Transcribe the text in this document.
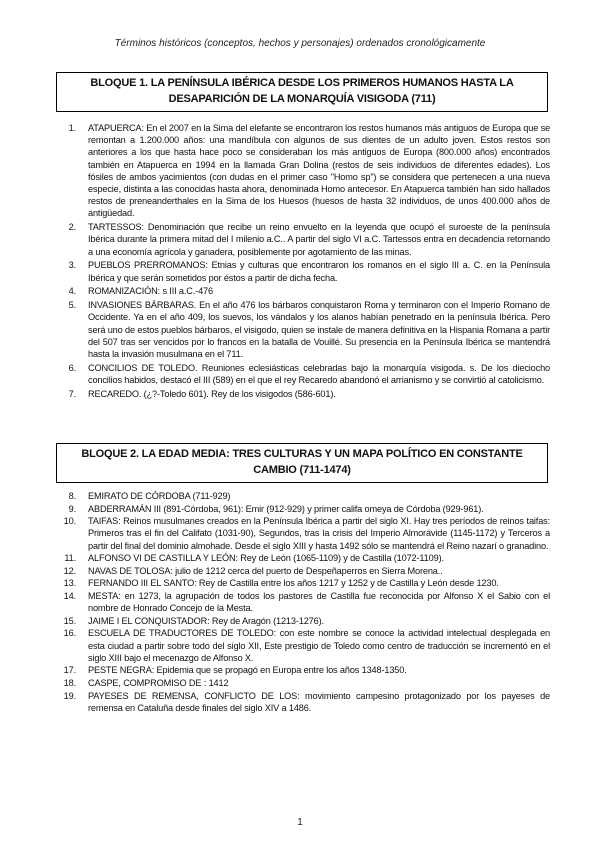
Términos históricos (conceptos, hechos y personajes) ordenados cronológicamente
BLOQUE 1. LA PENÍNSULA IBÉRICA DESDE LOS PRIMEROS HUMANOS HASTA LA DESAPARICIÓN DE LA MONARQUÍA VISIGODA (711)
1.	ATAPUERCA: En el 2007 en la Sima del elefante se encontraron los restos humanos más antiguos de Europa que se remontan a 1.200.000 años: una mandíbula con algunos de sus dientes de un adulto joven. Estos restos son anteriores a los que hasta hace poco se consideraban los más antiguos de Europa (800.000 años) encontrados también en Atapuerca en 1994 en la llamada Gran Dolina (restos de seis individuos de diferentes edades). Los fósiles de ambos yacimientos (con dudas en el primer caso "Homo sp") se considera que pertenecen a una nueva especie, distinta a las conocidas hasta ahora, denominada Homo antecesor. En Atapuerca también han sido hallados restos de preneanderthales en la Sima de los Huesos (huesos de hasta 32 individuos, de unos 400.000 años de antigüedad.
2.	TARTESSOS: Denominación que recibe un reino envuelto en la leyenda que ocupó el suroeste de la península Ibérica durante la primera mitad del I milenio a.C.. A partir del siglo VI a.C. Tartessos entra en decadencia retornando a una economía agrícola y ganadera, posiblemente por agotamiento de las minas.
3.	PUEBLOS PRERROMANOS: Etnias y culturas que encontraron los romanos en el siglo III a. C. en la Península Ibérica y que serán sometidos por éstos a partir de dicha fecha.
4.	ROMANIZACIÓN: s III a.C.-476
5.	INVASIONES BÁRBARAS. En el año 476 los bárbaros conquistaron Roma y terminaron con el Imperio Romano de Occidente. Ya en el año 409, los suevos, los vándalos y los alanos habían penetrado en la península Ibérica. Pero será uno de estos pueblos bárbaros, el visigodo, quien se instale de manera definitiva en la Hispania Romana a partir del 507 tras ser vencidos por lo francos en la batalla de Vouillé. Su presencia en la Península Ibérica se mantendrá hasta la invasión musulmana en el 711.
6.	CONCILIOS DE TOLEDO. Reuniones eclesiásticas celebradas bajo la monarquía visigoda. s. De los dieciocho concilios habidos, destacó el III (589) en el que el rey Recaredo abandonó el arrianismo y se convirtió al catolicismo.
7.	RECAREDO. (¿?-Toledo 601). Rey de los visigodos (586-601).
BLOQUE 2. LA EDAD MEDIA: TRES CULTURAS Y UN MAPA POLÍTICO EN CONSTANTE CAMBIO (711-1474)
8.	EMIRATO DE CÓRDOBA (711-929)
9.	ABDERRAMÁN III (891-Córdoba, 961): Emir (912-929) y primer califa omeya de Córdoba (929-961).
10.	TAIFAS: Reinos musulmanes creados en la Península Ibérica a partir del siglo XI. Hay tres períodos de reinos taifas: Primeros tras el fin del Califato (1031-90), Segundos, tras la crisis del Imperio Almorávide (1145-1172) y Terceros a partir del final del dominio almohade. Desde el siglo XIII y hasta 1492 sólo se mantendrá el Reino nazarí o granadino.
11.	ALFONSO VI DE CASTILLA Y LEÓN: Rey de León (1065-1109) y de Castilla (1072-1109).
12.	NAVAS DE TOLOSA: julio de 1212 cerca del puerto de Despeñaperros en Sierra Morena..
13.	FERNANDO III EL SANTO: Rey de Castilla entre los años 1217 y 1252 y de Castilla y León desde 1230.
14.	MESTA: en 1273, la agrupación de todos los pastores de Castilla fue reconocida por Alfonso X el Sabio con el nombre de Honrado Concejo de la Mesta.
15.	JAIME I EL CONQUISTADOR: Rey de Aragón (1213-1276).
16.	ESCUELA DE TRADUCTORES DE TOLEDO: con este nombre se conoce la actividad intelectual desplegada en esta ciudad a partir sobre todo del siglo XII, Este prestigio de Toledo como centro de traducción se incrementó en el siglo XIII bajo el mecenazgo de Alfonso X.
17.	PESTE NEGRA: Epidemia que se propagó en Europa entre los años 1348-1350.
18.	CASPE, COMPROMISO DE : 1412
19.	PAYESES DE REMENSA, CONFLICTO DE LOS: movimiento campesino protagonizado por los payeses de remensa en Cataluña desde finales del siglo XIV a 1486.
1
